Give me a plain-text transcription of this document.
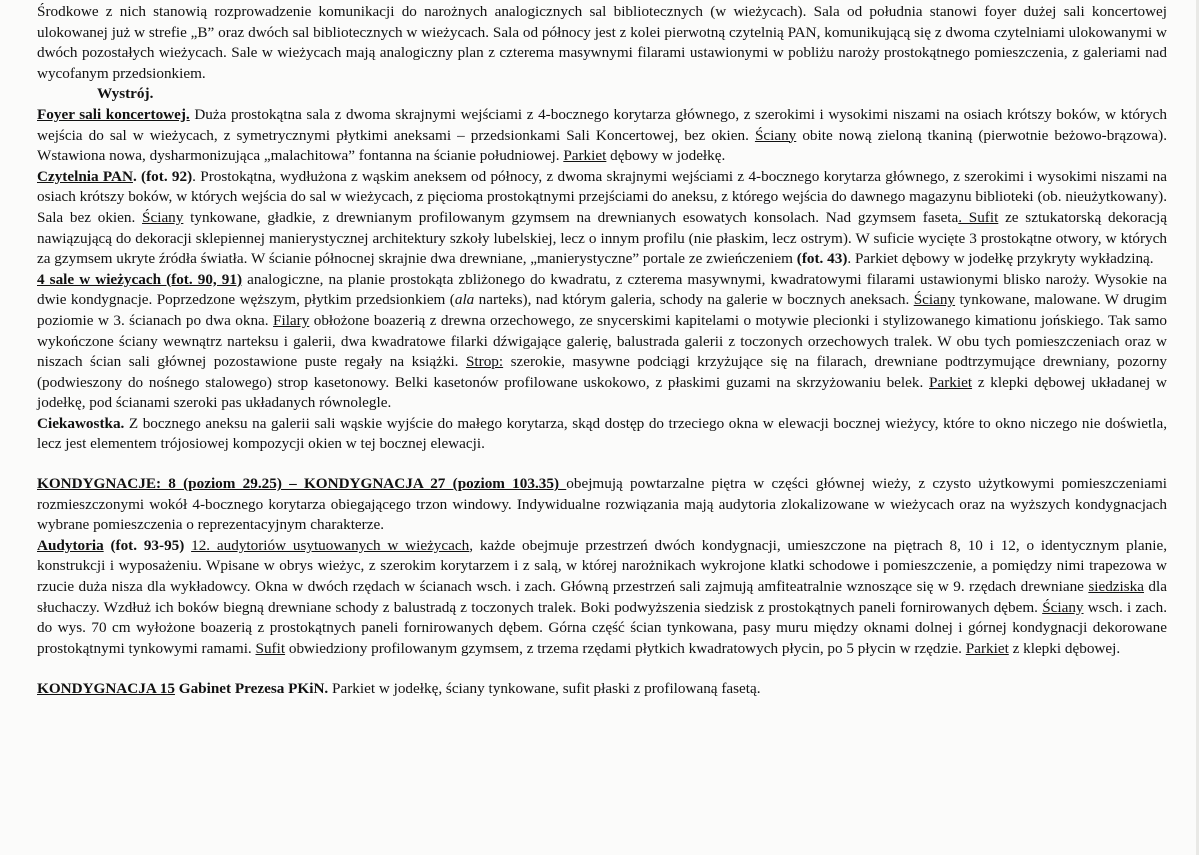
Środkowe z nich stanowią rozprowadzenie komunikacji do narożnych analogicznych sal bibliotecznych (w wieżycach). Sala od południa stanowi foyer dużej sali koncertowej ulokowanej już w strefie „B” oraz dwóch sal bibliotecznych w wieżycach. Sala od północy jest z kolei pierwotną czytelnią PAN, komunikującą się z dwoma czytelniami ulokowanymi w dwóch pozostałych wieżycach. Sale w wieżycach mają analogiczny plan z czterema masywnymi filarami ustawionymi w pobliżu naroży prostokątnego pomieszczenia, z galeriami nad wycofanym przedsionkiem.

Wystrój.

Foyer sali koncertowej. Duża prostokątna sala z dwoma skrajnymi wejściami z 4-bocznego korytarza głównego, z szerokimi i wysokimi niszami na osiach krótszy boków, w których wejścia do sal w wieżycach, z symetrycznymi płytkimi aneksami – przedsionkami Sali Koncertowej, bez okien. Ściany obite nową zieloną tkaniną (pierwotnie beżowo-brązowa). Wstawiona nowa, dysharmonizująca „malachitowa” fontanna na ścianie południowej. Parkiet dębowy w jodełkę.

Czytelnia PAN. (fot. 92). Prostokątna, wydłużona z wąskim aneksem od północy, z dwoma skrajnymi wejściami z 4-bocznego korytarza głównego, z szerokimi i wysokimi niszami na osiach krótszy boków, w których wejścia do sal w wieżycach, z pięcioma prostokątnymi przejściami do aneksu, z którego wejścia do dawnego magazynu biblioteki (ob. nieużytkowany). Sala bez okien. Ściany tynkowane, gładkie, z drewnianym profilowanym gzymsem na drewnianych esowatych konsolach. Nad gzymsem faseta. Sufit ze sztukatorską dekoracją nawiązującą do dekoracji sklepiennej manierystycznej architektury szkoły lubelskiej, lecz o innym profilu (nie płaskim, lecz ostrym). W suficie wycięte 3 prostokątne otwory, w których za gzymsem ukryte źródła światła. W ścianie północnej skrajnie dwa drewniane, „manierystyczne” portale ze zwieńczeniem (fot. 43). Parkiet dębowy w jodełkę przykryty wykładziną.

4 sale w wieżycach (fot. 90, 91) analogiczne, na planie prostokąta zbliżonego do kwadratu, z czterema masywnymi, kwadratowymi filarami ustawionymi blisko naroży. Wysokie na dwie kondygnacje. Poprzedzone węższym, płytkim przedsionkiem (ala narteks), nad którym galeria, schody na galerie w bocznych aneksach. Ściany tynkowane, malowane. W drugim poziomie w 3. ścianach po dwa okna. Filary obłożone boazerią z drewna orzechowego, ze snycerskimi kapitelami o motywie plecionki i stylizowanego kimationu jońskiego. Tak samo wykończone ściany wewnątrz narteksu i galerii, dwa kwadratowe filarki dźwigające galerię, balustrada galerii z toczonych orzechowych tralek. W obu tych pomieszczeniach oraz w niszach ścian sali głównej pozostawione puste regały na książki. Strop: szerokie, masywne podciągi krzyżujące się na filarach, drewniane podtrzymujące drewniany, pozorny (podwieszony do nośnego stalowego) strop kasetonowy. Belki kasetonów profilowane uskokowo, z płaskimi guzami na skrzyżowaniu belek. Parkiet z klepki dębowej układanej w jodełkę, pod ścianami szeroki pas układanych równolegle.

Ciekawostka. Z bocznego aneksu na galerii sali wąskie wyjście do małego korytarza, skąd dostęp do trzeciego okna w elewacji bocznej wieżycy, które to okno niczego nie doświetla, lecz jest elementem trójosiowej kompozycji okien w tej bocznej elewacji.

KONDYGNACJE: 8 (poziom 29.25) – KONDYGNACJA 27 (poziom 103.35) obejmują powtarzalne piętra w części głównej wieży, z czysto użytkowymi pomieszczeniami rozmieszczonymi wokół 4-bocznego korytarza obiegającego trzon windowy. Indywidualne rozwiązania mają audytoria zlokalizowane w wieżycach oraz na wyższych kondygnacjach wybrane pomieszczenia o reprezentacyjnym charakterze.

Audytoria (fot. 93-95) 12. audytoriów usytuowanych w wieżycach, każde obejmuje przestrzeń dwóch kondygnacji, umieszczone na piętrach 8, 10 i 12, o identycznym planie, konstrukcji i wyposażeniu. Wpisane w obrys wieżyc, z szerokim korytarzem i z salą, w której narożnikach wykrojone klatki schodowe i pomieszczenie, a pomiędzy nimi trapezowa w rzucie duża nisza dla wykładowcy. Okna w dwóch rzędach w ścianach wsch. i zach. Główną przestrzeń sali zajmują amfiteatralnie wznoszące się w 9. rzędach drewniane siedziska dla słuchaczy. Wzdłuż ich boków biegną drewniane schody z balustradą z toczonych tralek. Boki podwyższenia siedzisk z prostokątnych paneli fornirowanych dębem. Ściany wsch. i zach. do wys. 70 cm wyłożone boazerią z prostokątnych paneli fornirowanych dębem. Górna część ścian tynkowana, pasy muru między oknami dolnej i górnej kondygnacji dekorowane prostokątnymi tynkowymi ramami. Sufit obwiedziony profilowanym gzymsem, z trzema rzędami płytkich kwadratowych płycin, po 5 płycin w rzędzie. Parkiet z klepki dębowej.

KONDYGNACJA 15 Gabinet Prezesa PKiN. Parkiet w jodełkę, ściany tynkowane, sufit płaski z profilowaną fasetą.
